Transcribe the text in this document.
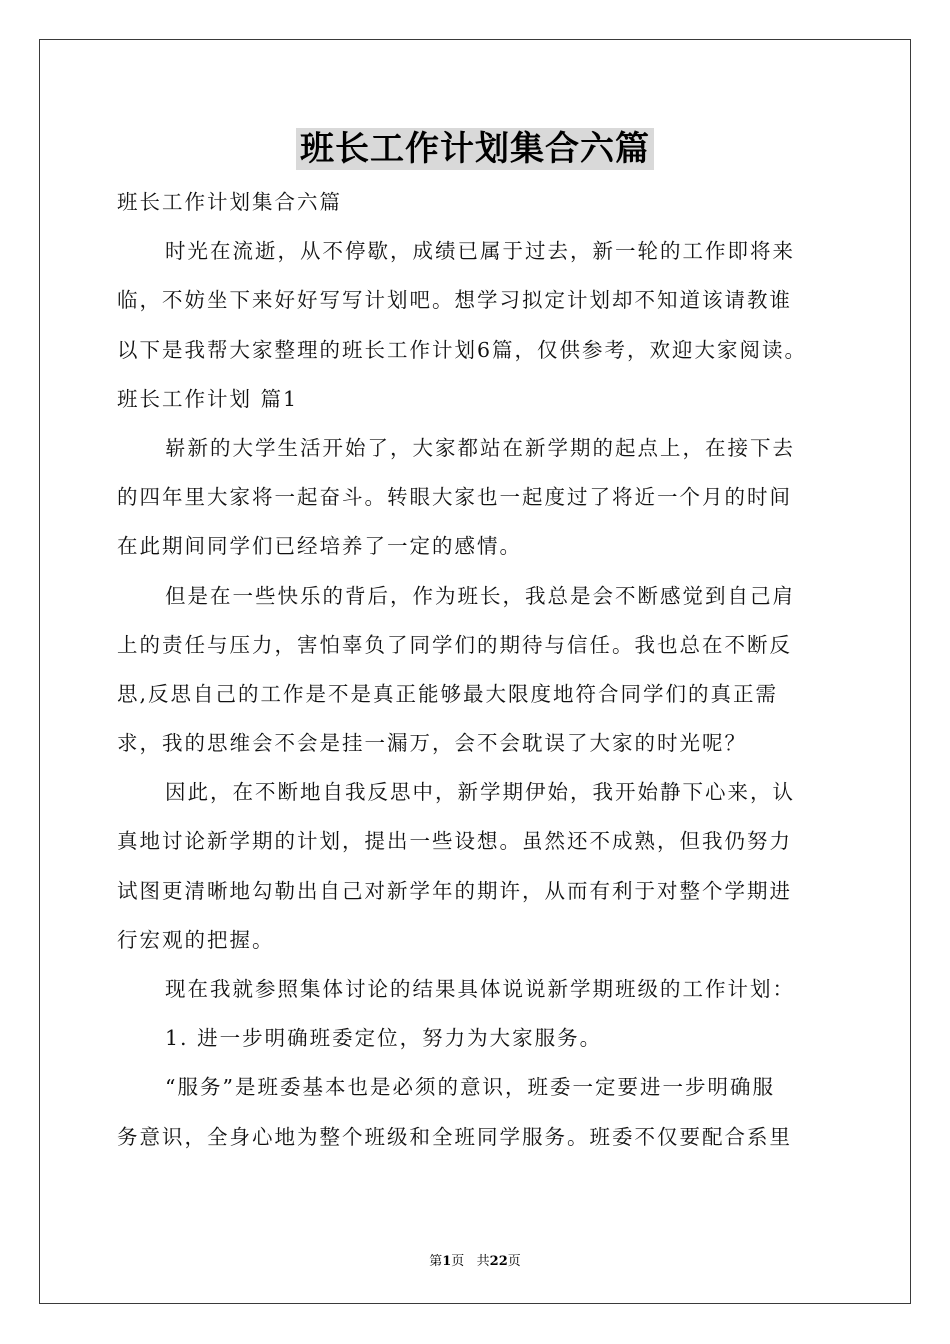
班长工作计划集合六篇
班长工作计划集合六篇
时光在流逝，从不停歇，成绩已属于过去，新一轮的工作即将来
临，不妨坐下来好好写写计划吧。想学习拟定计划却不知道该请教谁
以下是我帮大家整理的班长工作计划6篇，仅供参考，欢迎大家阅读。
班长工作计划 篇1
崭新的大学生活开始了，大家都站在新学期的起点上，在接下去
的四年里大家将一起奋斗。转眼大家也一起度过了将近一个月的时间
在此期间同学们已经培养了一定的感情。
但是在一些快乐的背后，作为班长，我总是会不断感觉到自己肩
上的责任与压力，害怕辜负了同学们的期待与信任。我也总在不断反
思,反思自己的工作是不是真正能够最大限度地符合同学们的真正需
求，我的思维会不会是挂一漏万，会不会耽误了大家的时光呢？
因此，在不断地自我反思中，新学期伊始，我开始静下心来，认
真地讨论新学期的计划，提出一些设想。虽然还不成熟，但我仍努力
试图更清晰地勾勒出自己对新学年的期许，从而有利于对整个学期进
行宏观的把握。
现在我就参照集体讨论的结果具体说说新学期班级的工作计划：
1. 进一步明确班委定位，努力为大家服务。
“服务”是班委基本也是必须的意识，班委一定要进一步明确服
务意识，全身心地为整个班级和全班同学服务。班委不仅要配合系里
第1页   共22页
